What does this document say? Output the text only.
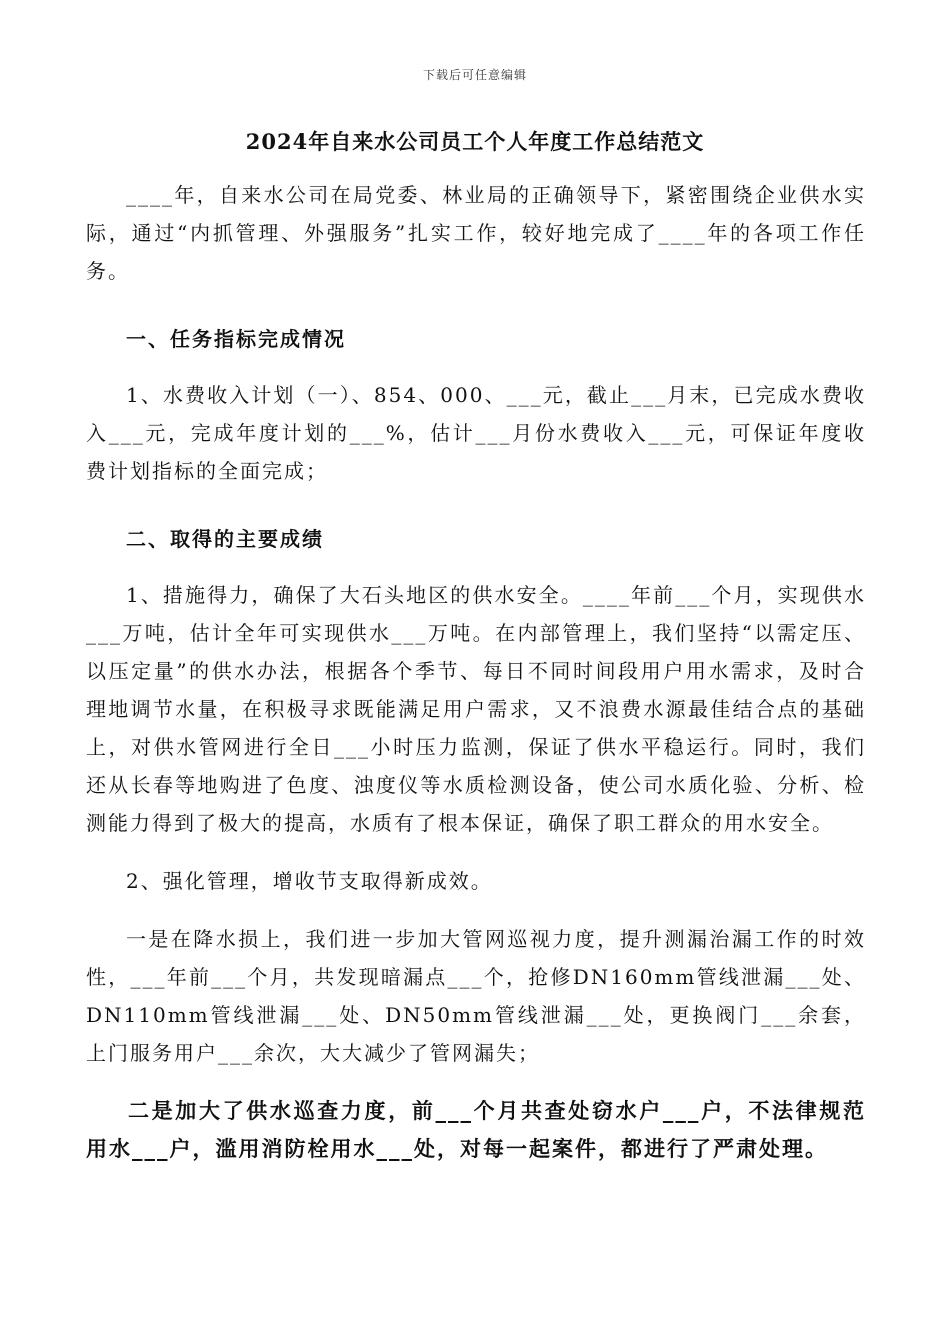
下载后可任意编辑
2024年自来水公司员工个人年度工作总结范文

____年，自来水公司在局党委、林业局的正确领导下，紧密围绕企业供水实际，通过“内抓管理、外强服务”扎实工作，较好地完成了____年的各项工作任务。

一、任务指标完成情况

1、水费收入计划（一）、854、000、___元，截止___月末，已完成水费收入___元，完成年度计划的___%，估计___月份水费收入___元，可保证年度收费计划指标的全面完成；

二、取得的主要成绩

1、措施得力，确保了大石头地区的供水安全。____年前___个月，实现供水___万吨，估计全年可实现供水___万吨。在内部管理上，我们坚持“以需定压、以压定量”的供水办法，根据各个季节、每日不同时间段用户用水需求，及时合理地调节水量，在积极寻求既能满足用户需求，又不浪费水源最佳结合点的基础上，对供水管网进行全日___小时压力监测，保证了供水平稳运行。同时，我们还从长春等地购进了色度、浊度仪等水质检测设备，使公司水质化验、分析、检测能力得到了极大的提高，水质有了根本保证，确保了职工群众的用水安全。

2、强化管理，增收节支取得新成效。

一是在降水损上，我们进一步加大管网巡视力度，提升测漏治漏工作的时效性，___年前___个月，共发现暗漏点___个，抢修DN160mm管线泄漏___处、DN110mm管线泄漏___处、DN50mm管线泄漏___处，更换阀门___余套，上门服务用户___余次，大大减少了管网漏失；

二是加大了供水巡查力度，前___个月共查处窃水户___户，不法律规范用水___户，滥用消防栓用水___处，对每一起案件，都进行了严肃处理。
